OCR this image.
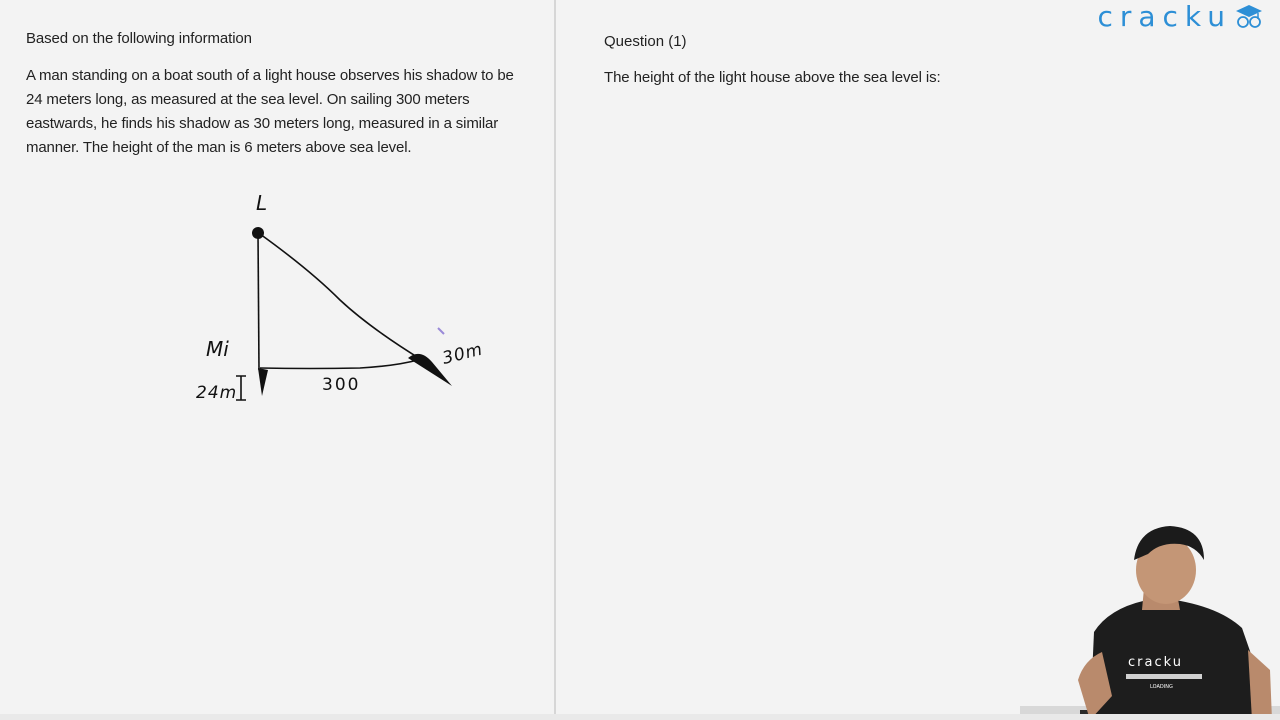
Based on the following information
A man standing on a boat south of a light house observes his shadow to be
24 meters long, as measured at the sea level. On sailing 300 meters
eastwards, he finds his shadow as 30 meters long, measured in a similar
manner. The height of the man is 6 meters above sea level.
L
Mi
24m	300
30m
Question (1)
The height of the light house above the sea level is:
cracku
cracku
LOADING
